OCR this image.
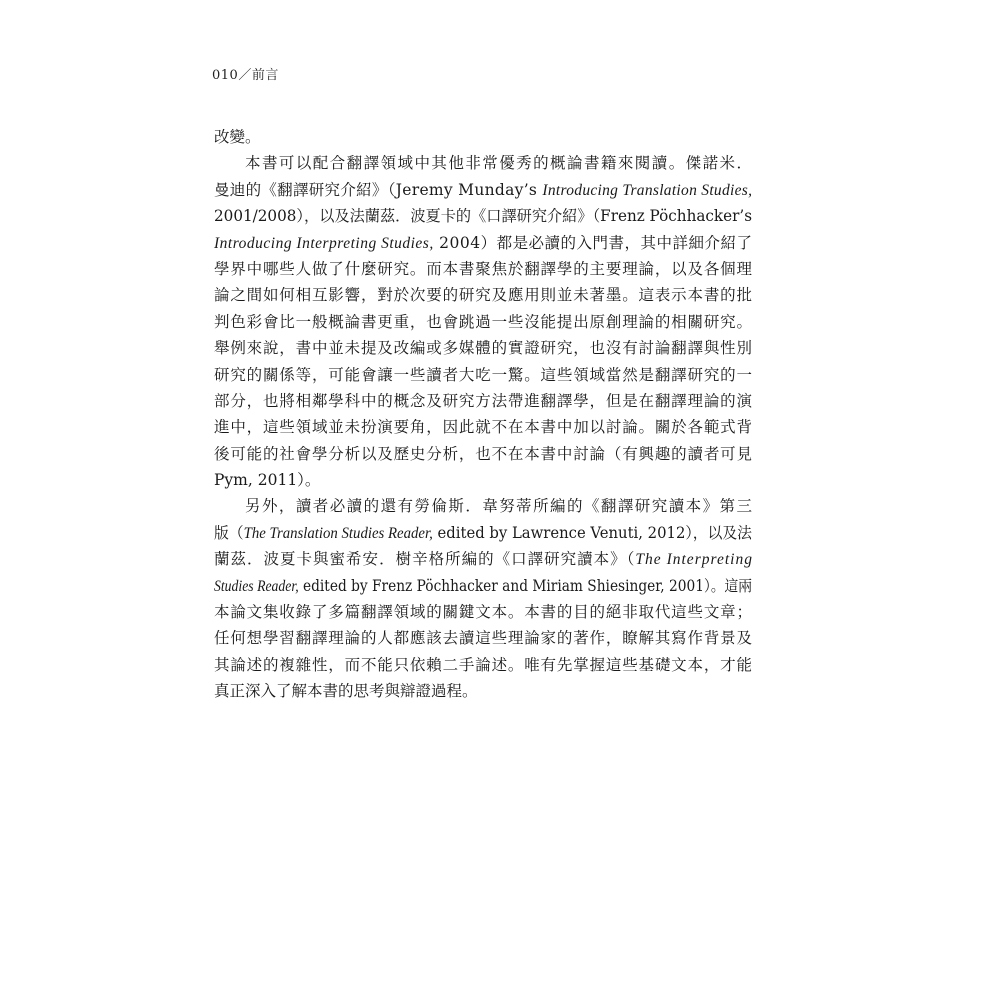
010／前言
改變。
本書可以配合翻譯領域中其他非常優秀的概論書籍來閱讀。傑諾米．
曼迪的《翻譯研究介紹》（Jeremy Munday’s Introducing Translation Studies,
2001/2008），以及法蘭茲．波夏卡的《口譯研究介紹》（Frenz Pöchhacker’s
Introducing Interpreting Studies, 2004）都是必讀的入門書，其中詳細介紹了
學界中哪些人做了什麼研究。而本書聚焦於翻譯學的主要理論，以及各個理
論之間如何相互影響，對於次要的研究及應用則並未著墨。這表示本書的批
判色彩會比一般概論書更重，也會跳過一些沒能提出原創理論的相關研究。
舉例來說，書中並未提及改編或多媒體的實證研究，也沒有討論翻譯與性別
研究的關係等，可能會讓一些讀者大吃一驚。這些領域當然是翻譯研究的一
部分，也將相鄰學科中的概念及研究方法帶進翻譯學，但是在翻譯理論的演
進中，這些領域並未扮演要角，因此就不在本書中加以討論。關於各範式背
後可能的社會學分析以及歷史分析，也不在本書中討論（有興趣的讀者可見
Pym, 2011）。
另外，讀者必讀的還有勞倫斯．韋努蒂所編的《翻譯研究讀本》第三
版（The Translation Studies Reader, edited by Lawrence Venuti, 2012），以及法
蘭茲．波夏卡與蜜希安．樹辛格所編的《口譯研究讀本》（The Interpreting
Studies Reader, edited by Frenz Pöchhacker and Miriam Shiesinger, 2001）。這兩
本論文集收錄了多篇翻譯領域的關鍵文本。本書的目的絕非取代這些文章；
任何想學習翻譯理論的人都應該去讀這些理論家的著作，瞭解其寫作背景及
其論述的複雜性，而不能只依賴二手論述。唯有先掌握這些基礎文本，才能
真正深入了解本書的思考與辯證過程。
